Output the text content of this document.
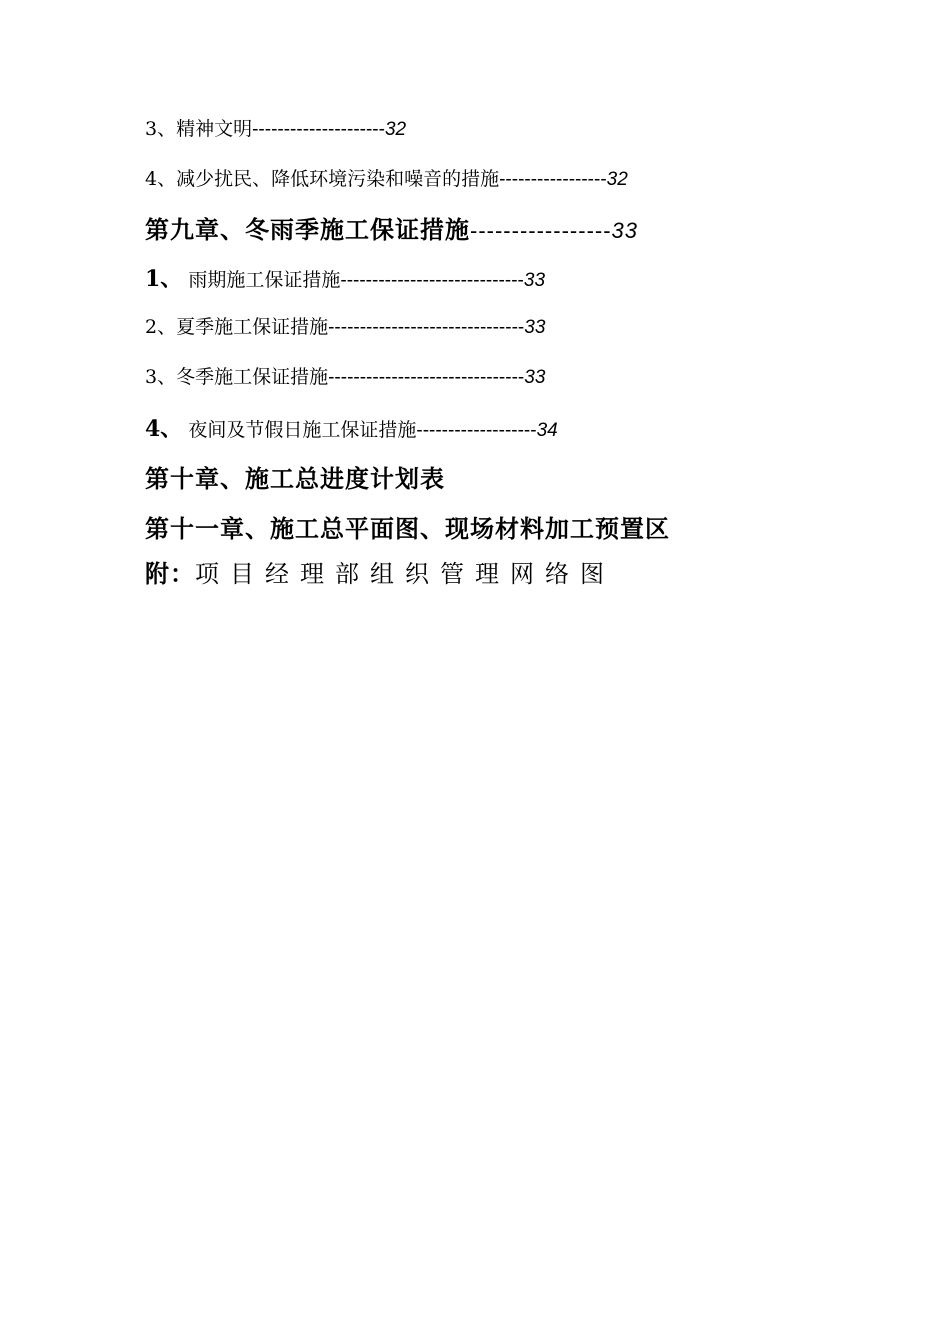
3、精神文明---------------------32
4、减少扰民、降低环境污染和噪音的措施-----------------32
第九章、冬雨季施工保证措施-----------------33
1、 雨期施工保证措施-----------------------------33
2、夏季施工保证措施-------------------------------33
3、冬季施工保证措施-------------------------------33
4、 夜间及节假日施工保证措施-------------------34
第十章、施工总进度计划表
第十一章、施工总平面图、现场材料加工预置区
附：项目经理部组织管理网络图
